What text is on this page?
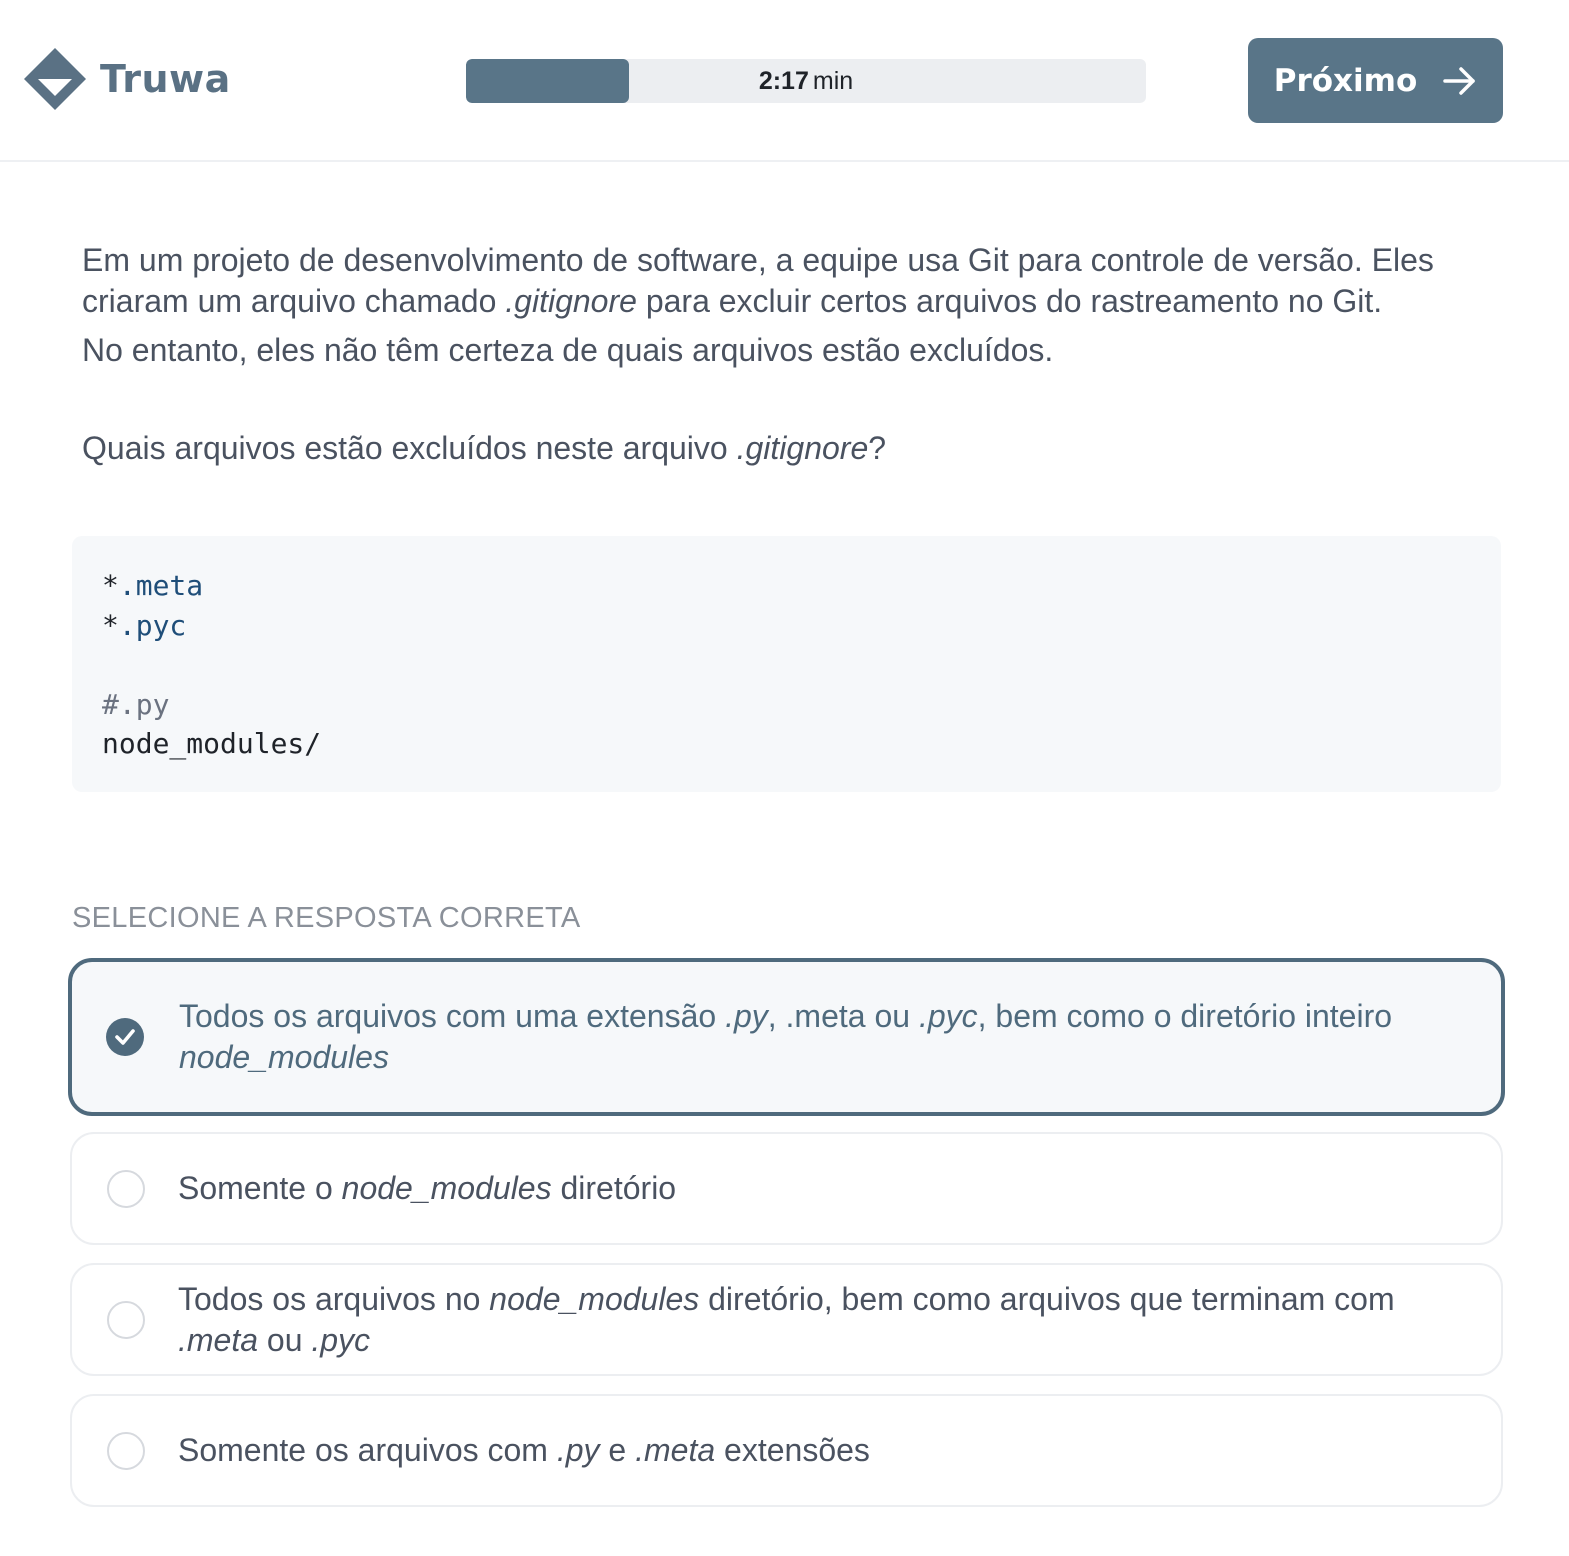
Truwa	2:17 min	Próximo

Em um projeto de desenvolvimento de software, a equipe usa Git para controle de versão. Eles criaram um arquivo chamado .gitignore para excluir certos arquivos do rastreamento no Git.

No entanto, eles não têm certeza de quais arquivos estão excluídos.

Quais arquivos estão excluídos neste arquivo .gitignore?

*.meta
*.pyc
#.py
node_modules/
SELECIONE A RESPOSTA CORRETA
Todos os arquivos com uma extensão .py, .meta ou .pyc, bem como o diretório inteiro node_modules
Somente o node_modules diretório
Todos os arquivos no node_modules diretório, bem como arquivos que terminam com .meta ou .pyc
Somente os arquivos com .py e .meta extensões
